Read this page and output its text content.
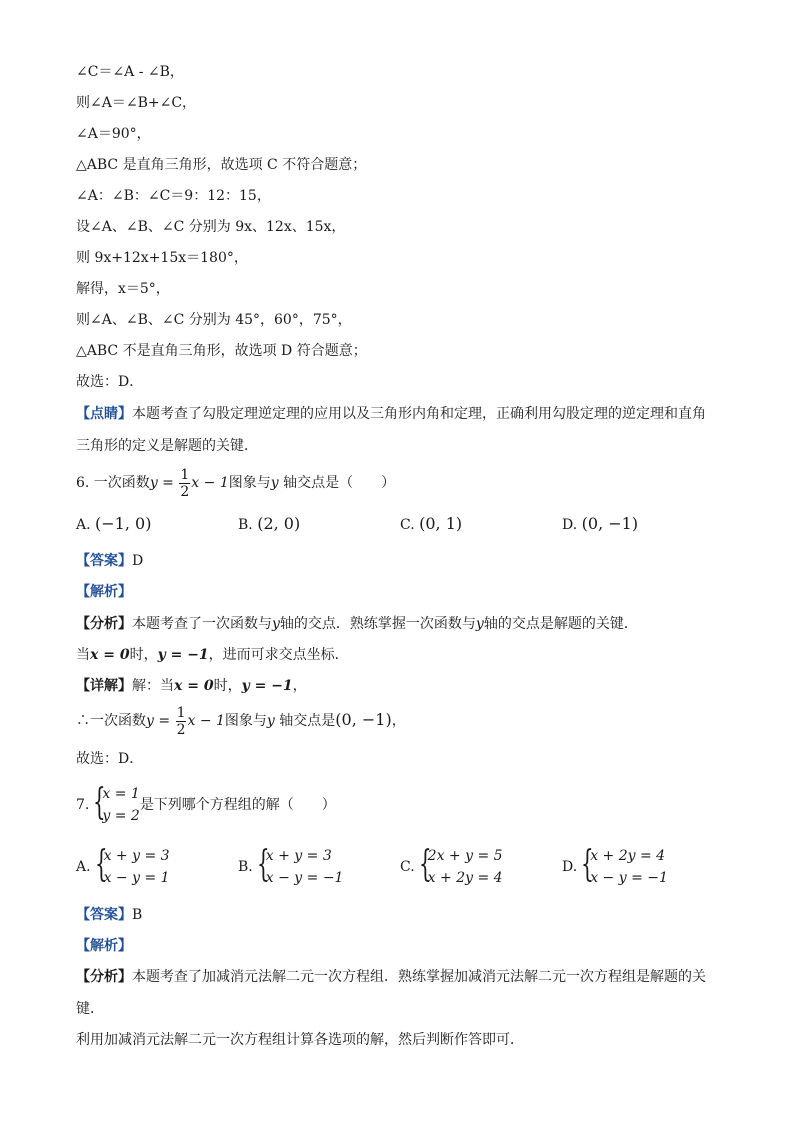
∠C＝∠A - ∠B，
则∠A＝∠B+∠C，
∠A＝90°，
△ABC 是直角三角形，故选项 C 不符合题意；
∠A：∠B：∠C＝9：12：15，
设∠A、∠B、∠C 分别为 9x、12x、15x，
则 9x+12x+15x＝180°，
解得，x＝5°，
则∠A、∠B、∠C 分别为 45°，60°，75°，
△ABC 不是直角三角形，故选项 D 符合题意；
故选：D．
【点睛】本题考查了勾股定理逆定理的应用以及三角形内角和定理，正确利用勾股定理的逆定理和直角
三角形的定义是解题的关键．
6. 一次函数$y = \frac{1}{2}$ x − 1图象与y 轴交点是（　　）
A. (−1, 0)	B. (2, 0)	C. (0, 1)	D. (0, −1)
【答案】D
【解析】
【分析】本题考查了一次函数与y轴的交点．熟练掌握一次函数与y轴的交点是解题的关键．
当x = 0时，y = −1，进而可求交点坐标．
【详解】解：当x = 0时，y = −1，
∴一次函数$y = \frac{1}{2}$ x − 1图象与y 轴交点是(0, −1)，
故选：D．
7. {
x = 1
y = 2
是下列哪个方程组的解（　　）
A. {
x + y = 3
x − y = 1
B. {
x + y = 3
x − y = −1
C. {
2x + y = 5
x + 2y = 4
D. {
x + 2y = 4
x − y = −1
【答案】B
【解析】
【分析】本题考查了加减消元法解二元一次方程组．熟练掌握加减消元法解二元一次方程组是解题的关
键．
利用加减消元法解二元一次方程组计算各选项的解，然后判断作答即可．
